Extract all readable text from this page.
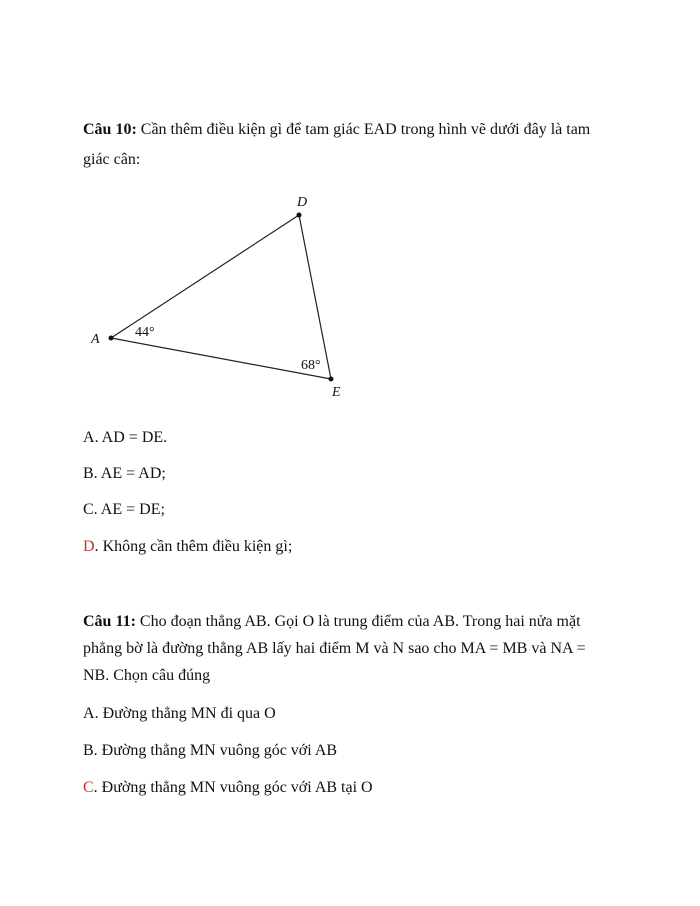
Câu 10: Cần thêm điều kiện gì để tam giác EAD trong hình vẽ dưới đây là tam
giác cân:
A
D
E
44°
68°
A. AD = DE.
B. AE = AD;
C. AE = DE;
D. Không cần thêm điều kiện gì;
Câu 11: Cho đoạn thẳng AB. Gọi O là trung điểm của AB. Trong hai nửa mặt
phẳng bờ là đường thẳng AB lấy hai điểm M và N sao cho MA = MB và NA =
NB. Chọn câu đúng
A. Đường thẳng MN đi qua O
B. Đường thẳng MN vuông góc với AB
C. Đường thẳng MN vuông góc với AB tại O
